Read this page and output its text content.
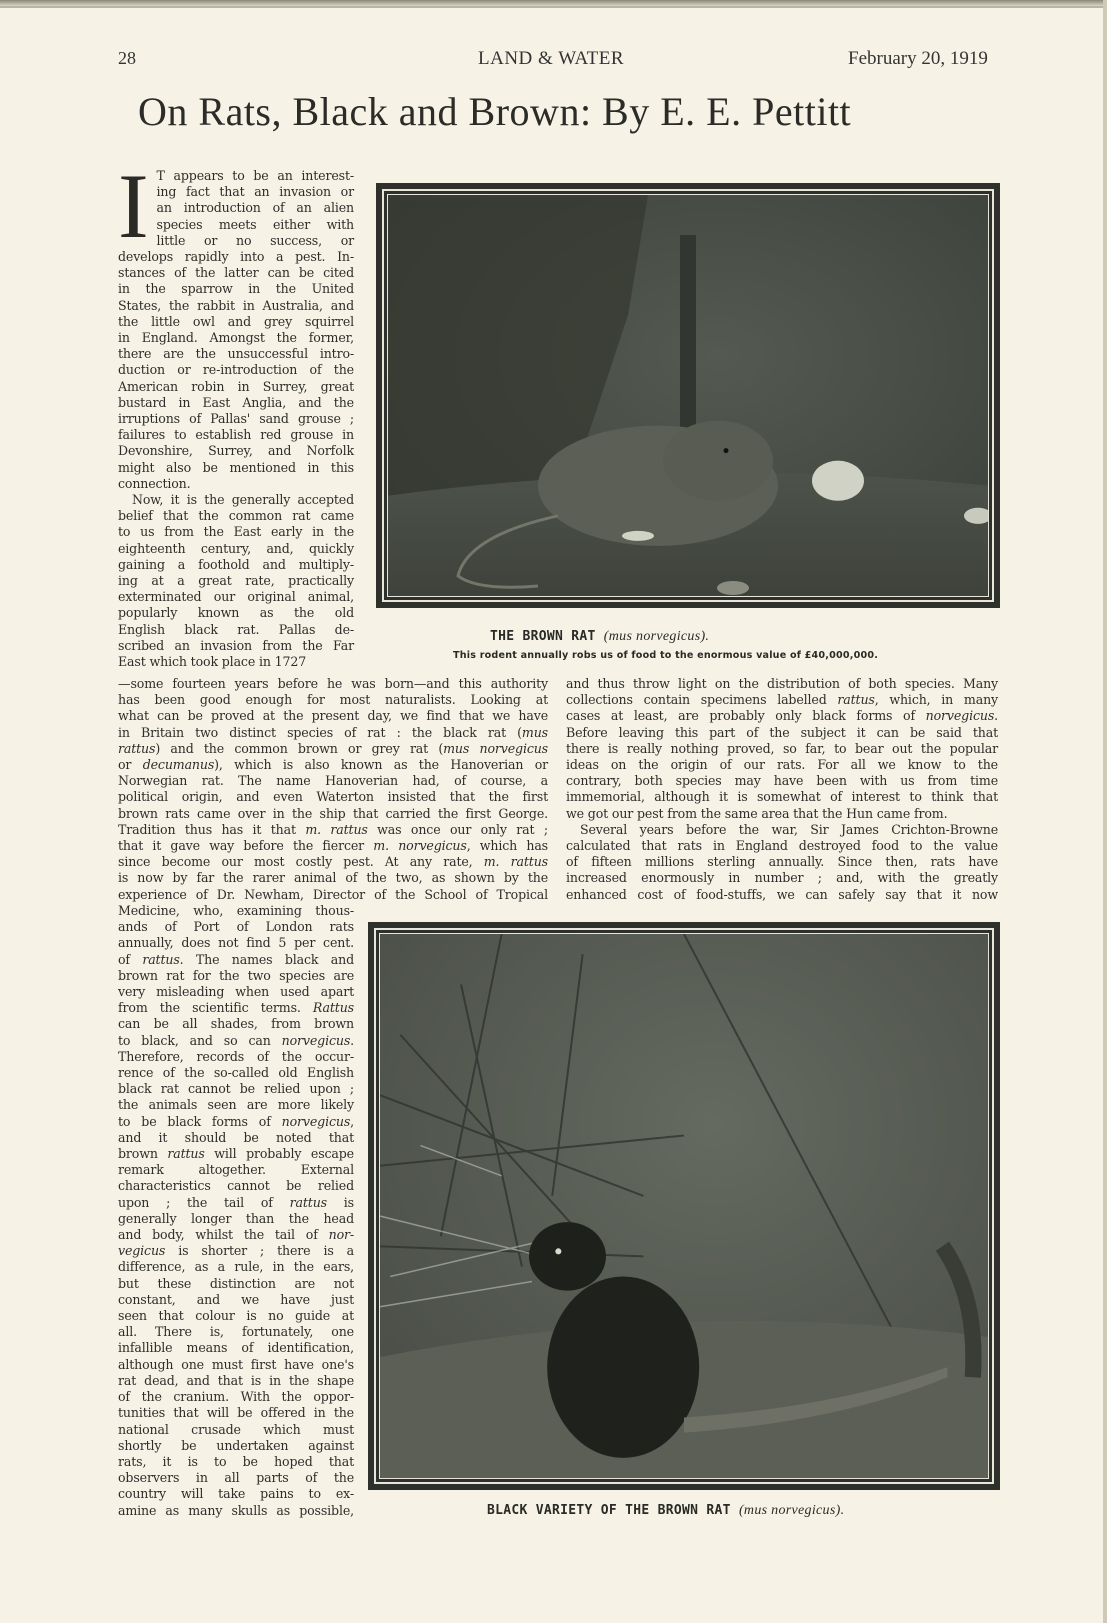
28	LAND & WATER	February 20, 1919
On Rats, Black and Brown: By E. E. Pettitt
I T appears to be an interest-
ing fact that an invasion or
an introduction of an alien
species meets either with
little or no success, or
develops rapidly into a pest. In-
stances of the latter can be cited
in the sparrow in the United
States, the rabbit in Australia, and
the little owl and grey squirrel
in England. Amongst the former,
there are the unsuccessful intro-
duction or re-introduction of the
American robin in Surrey, great
bustard in East Anglia, and the
irruptions of Pallas' sand grouse ;
failures to establish red grouse in
Devonshire, Surrey, and Norfolk
might also be mentioned in this
connection.
Now, it is the generally accepted
belief that the common rat came
to us from the East early in the
eighteenth century, and, quickly
gaining a foothold and multiply-
ing at a great rate, practically
exterminated our original animal,
popularly known as the old
English black rat. Pallas de-
scribed an invasion from the Far
East which took place in 1727
—some fourteen years before he was born—and this authority
has been good enough for most naturalists. Looking at
what can be proved at the present day, we find that we have
in Britain two distinct species of rat : the black rat (mus
rattus) and the common brown or grey rat (mus norvegicus
or decumanus), which is also known as the Hanoverian or
Norwegian rat. The name Hanoverian had, of course, a
political origin, and even Waterton insisted that the first
brown rats came over in the ship that carried the first George.
Tradition thus has it that m. rattus was once our only rat ;
that it gave way before the fiercer m. norvegicus, which has
since become our most costly pest. At any rate, m. rattus
is now by far the rarer animal of the two, as shown by the
experience of Dr. Newham, Director of the School of Tropical
Medicine, who, examining thous-
ands of Port of London rats
annually, does not find 5 per cent.
of rattus. The names black and
brown rat for the two species are
very misleading when used apart
from the scientific terms. Rattus
can be all shades, from brown
to black, and so can norvegicus.
Therefore, records of the occur-
rence of the so-called old English
black rat cannot be relied upon ;
the animals seen are more likely
to be black forms of norvegicus,
and it should be noted that
brown rattus will probably escape
remark altogether. External
characteristics cannot be relied
upon ; the tail of rattus is
generally longer than the head
and body, whilst the tail of nor-
vegicus is shorter ; there is a
difference, as a rule, in the ears,
but these distinction are not
constant, and we have just
seen that colour is no guide at
all. There is, fortunately, one
infallible means of identification,
although one must first have one's
rat dead, and that is in the shape
of the cranium. With the oppor-
tunities that will be offered in the
national crusade which must
shortly be undertaken against
rats, it is to be hoped that
observers in all parts of the
country will take pains to ex-
amine as many skulls as possible,
and thus throw light on the distribution of both species. Many
collections contain specimens labelled rattus, which, in many
cases at least, are probably only black forms of norvegicus.
Before leaving this part of the subject it can be said that
there is really nothing proved, so far, to bear out the popular
ideas on the origin of our rats. For all we know to the
contrary, both species may have been with us from time
immemorial, although it is somewhat of interest to think that
we got our pest from the same area that the Hun came from.
Several years before the war, Sir James Crichton-Browne
calculated that rats in England destroyed food to the value
of fifteen millions sterling annually. Since then, rats have
increased enormously in number ; and, with the greatly
enhanced cost of food-stuffs, we can safely say that it now
THE BROWN RAT (mus norvegicus).
This rodent annually robs us of food to the enormous value of £40,000,000.
BLACK VARIETY OF THE BROWN RAT (mus norvegicus).
